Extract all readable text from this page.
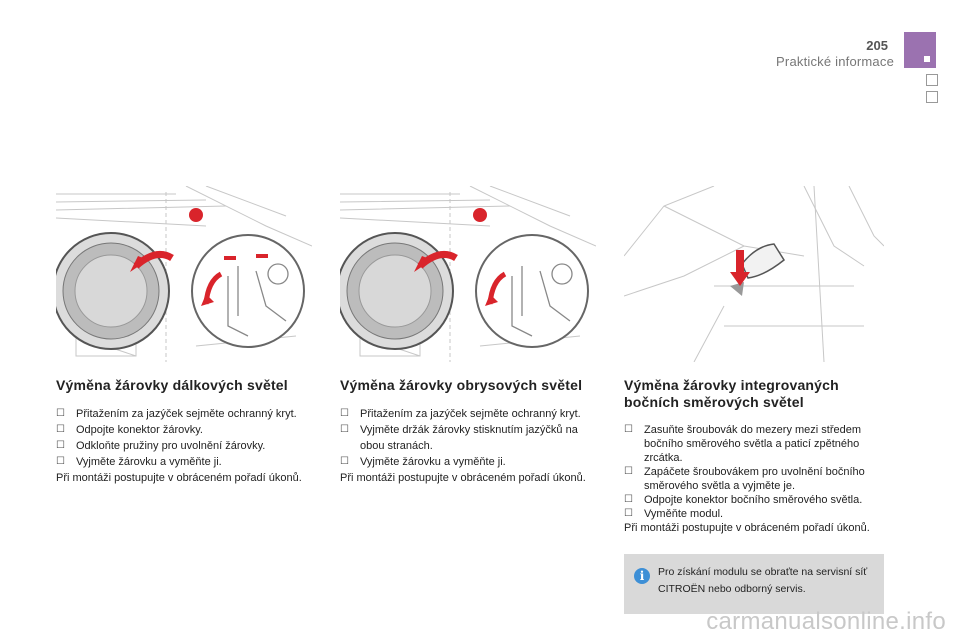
205
Praktické informace
Výměna žárovky dálkových světel
☐ Přitažením za jazýček sejměte ochranný kryt.
☐ Odpojte konektor žárovky.
☐ Odkloňte pružiny pro uvolnění žárovky.
☐ Vyjměte žárovku a vyměňte ji.

Při montáži postupujte v obráceném pořadí úkonů.

Výměna žárovky obrysových světel
☐ Přitažením za jazýček sejměte ochranný kryt.
☐ Vyjměte držák žárovky stisknutím jazýčků na obou stranách.
☐ Vyjměte žárovku a vyměňte ji.

Při montáži postupujte v obráceném pořadí úkonů.

Výměna žárovky integrovaných bočních směrových světel
☐ Zasuňte šroubovák do mezery mezi středem bočního směrového světla a paticí zpětného zrcátka.
☐ Zapáčete šroubovákem pro uvolnění bočního směrového světla a vyjměte je.
☐ Odpojte konektor bočního směrového světla.
☐ Vyměňte modul.

Při montáži postupujte v obráceném pořadí úkonů.

i	Pro získání modulu se obraťte na servisní síť CITROËN nebo odborný servis.
carmanualsonline.info
